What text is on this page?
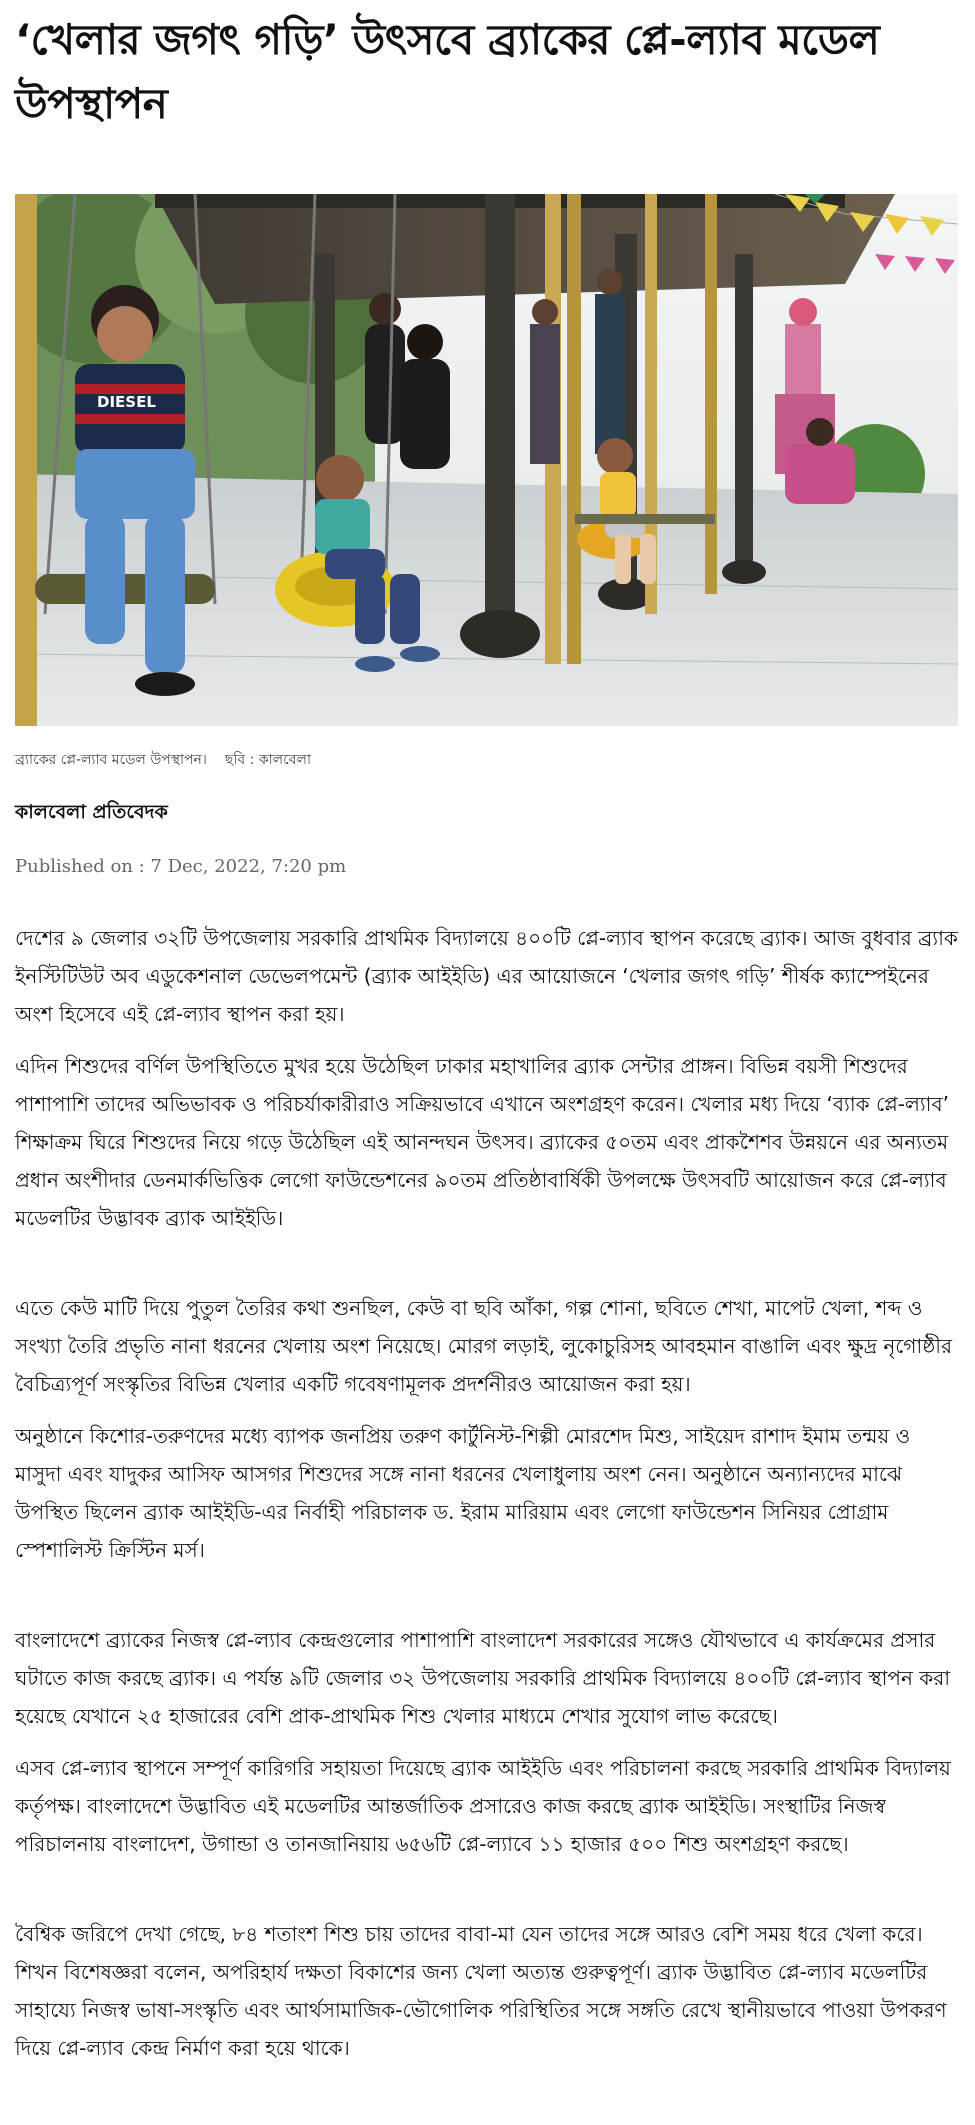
‘খেলার জগৎ গড়ি’ উৎসবে ব্র্যাকের প্লে-ল্যাব মডেল উপস্থাপন
DIESEL
ব্র্যাকের প্লে-ল্যাব মডেল উপস্থাপন। ছবি : কালবেলা
কালবেলা প্রতিবেদক
Published on : 7 Dec, 2022, 7:20 pm

দেশের ৯ জেলার ৩২টি উপজেলায় সরকারি প্রাথমিক বিদ্যালয়ে ৪০০টি প্লে-ল্যাব স্থাপন করেছে ব্র্যাক। আজ বুধবার ব্র্যাক ইনস্টিটিউট অব এডুকেশনাল ডেভেলপমেন্ট (ব্র্যাক আইইডি) এর আয়োজনে ‘খেলার জগৎ গড়ি’ শীর্ষক ক্যাম্পেইনের অংশ হিসেবে এই প্লে-ল্যাব স্থাপন করা হয়।

এদিন শিশুদের বর্ণিল উপস্থিতিতে মুখর হয়ে উঠেছিল ঢাকার মহাখালির ব্র্যাক সেন্টার প্রাঙ্গন। বিভিন্ন বয়সী শিশুদের পাশাপাশি তাদের অভিভাবক ও পরিচর্যাকারীরাও সক্রিয়ভাবে এখানে অংশগ্রহণ করেন। খেলার মধ্য দিয়ে ‘ব্যাক প্লে-ল্যাব’ শিক্ষাক্রম ঘিরে শিশুদের নিয়ে গড়ে উঠেছিল এই আনন্দঘন উৎসব। ব্র্যাকের ৫০তম এবং প্রাকশৈশব উন্নয়নে এর অন্যতম প্রধান অংশীদার ডেনমার্কভিত্তিক লেগো ফাউন্ডেশনের ৯০তম প্রতিষ্ঠাবার্ষিকী উপলক্ষে উৎসবটি আয়োজন করে প্লে-ল্যাব মডেলটির উদ্ভাবক ব্র্যাক আইইডি।

এতে কেউ মাটি দিয়ে পুতুল তৈরির কথা শুনছিল, কেউ বা ছবি আঁকা, গল্প শোনা, ছবিতে শেখা, মাপেট খেলা, শব্দ ও সংখ্যা তৈরি প্রভৃতি নানা ধরনের খেলায় অংশ নিয়েছে। মোরগ লড়াই, লুকোচুরিসহ আবহমান বাঙালি এবং ক্ষুদ্র নৃগোষ্ঠীর বৈচিত্র্যপূর্ণ সংস্কৃতির বিভিন্ন খেলার একটি গবেষণামূলক প্রদর্শনীরও আয়োজন করা হয়।

অনুষ্ঠানে কিশোর-তরুণদের মধ্যে ব্যাপক জনপ্রিয় তরুণ কার্টুনিস্ট-শিল্পী মোরশেদ মিশু, সাইয়েদ রাশাদ ইমাম তন্ময় ও মাসুদা এবং যাদুকর আসিফ আসগর শিশুদের সঙ্গে নানা ধরনের খেলাধুলায় অংশ নেন। অনুষ্ঠানে অন্যান্যদের মাঝে উপস্থিত ছিলেন ব্র্যাক আইইডি-এর নির্বাহী পরিচালক ড. ইরাম মারিয়াম এবং লেগো ফাউন্ডেশন সিনিয়র প্রোগ্রাম স্পেশালিস্ট ক্রিস্টিন মর্স।

বাংলাদেশে ব্র্যাকের নিজস্ব প্লে-ল্যাব কেন্দ্রগুলোর পাশাপাশি বাংলাদেশ সরকারের সঙ্গেও যৌথভাবে এ কার্যক্রমের প্রসার ঘটাতে কাজ করছে ব্র্যাক। এ পর্যন্ত ৯টি জেলার ৩২ উপজেলায় সরকারি প্রাথমিক বিদ্যালয়ে ৪০০টি প্লে-ল্যাব স্থাপন করা হয়েছে যেখানে ২৫ হাজারের বেশি প্রাক-প্রাথমিক শিশু খেলার মাধ্যমে শেখার সুযোগ লাভ করেছে।

এসব প্লে-ল্যাব স্থাপনে সম্পূর্ণ কারিগরি সহায়তা দিয়েছে ব্র্যাক আইইডি এবং পরিচালনা করছে সরকারি প্রাথমিক বিদ্যালয় কর্তৃপক্ষ। বাংলাদেশে উদ্ভাবিত এই মডেলটির আন্তর্জাতিক প্রসারেও কাজ করছে ব্র্যাক আইইডি। সংস্থাটির নিজস্ব পরিচালনায় বাংলাদেশ, উগান্ডা ও তানজানিয়ায় ৬৫৬টি প্লে-ল্যাবে ১১ হাজার ৫০০ শিশু অংশগ্রহণ করছে।

বৈশ্বিক জরিপে দেখা গেছে, ৮৪ শতাংশ শিশু চায় তাদের বাবা-মা যেন তাদের সঙ্গে আরও বেশি সময় ধরে খেলা করে। শিখন বিশেষজ্ঞরা বলেন, অপরিহার্য দক্ষতা বিকাশের জন্য খেলা অত্যন্ত গুরুত্বপূর্ণ। ব্র্যাক উদ্ভাবিত প্লে-ল্যাব মডেলটির সাহায্যে নিজস্ব ভাষা-সংস্কৃতি এবং আর্থসামাজিক-ভৌগোলিক পরিস্থিতির সঙ্গে সঙ্গতি রেখে স্থানীয়ভাবে পাওয়া উপকরণ দিয়ে প্লে-ল্যাব কেন্দ্র নির্মাণ করা হয়ে থাকে।
